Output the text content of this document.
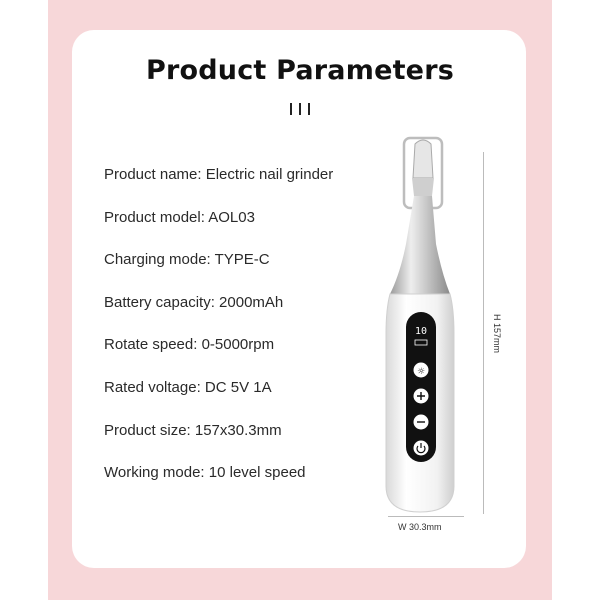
Product Parameters
Product name: Electric nail grinder
Product model: AOL03
Charging mode: TYPE-C
Battery capacity: 2000mAh
Rotate speed: 0-5000rpm
Rated voltage: DC 5V 1A
Product size: 157x30.3mm
Working mode: 10 level speed
10
☼
H 157mm
W 30.3mm
